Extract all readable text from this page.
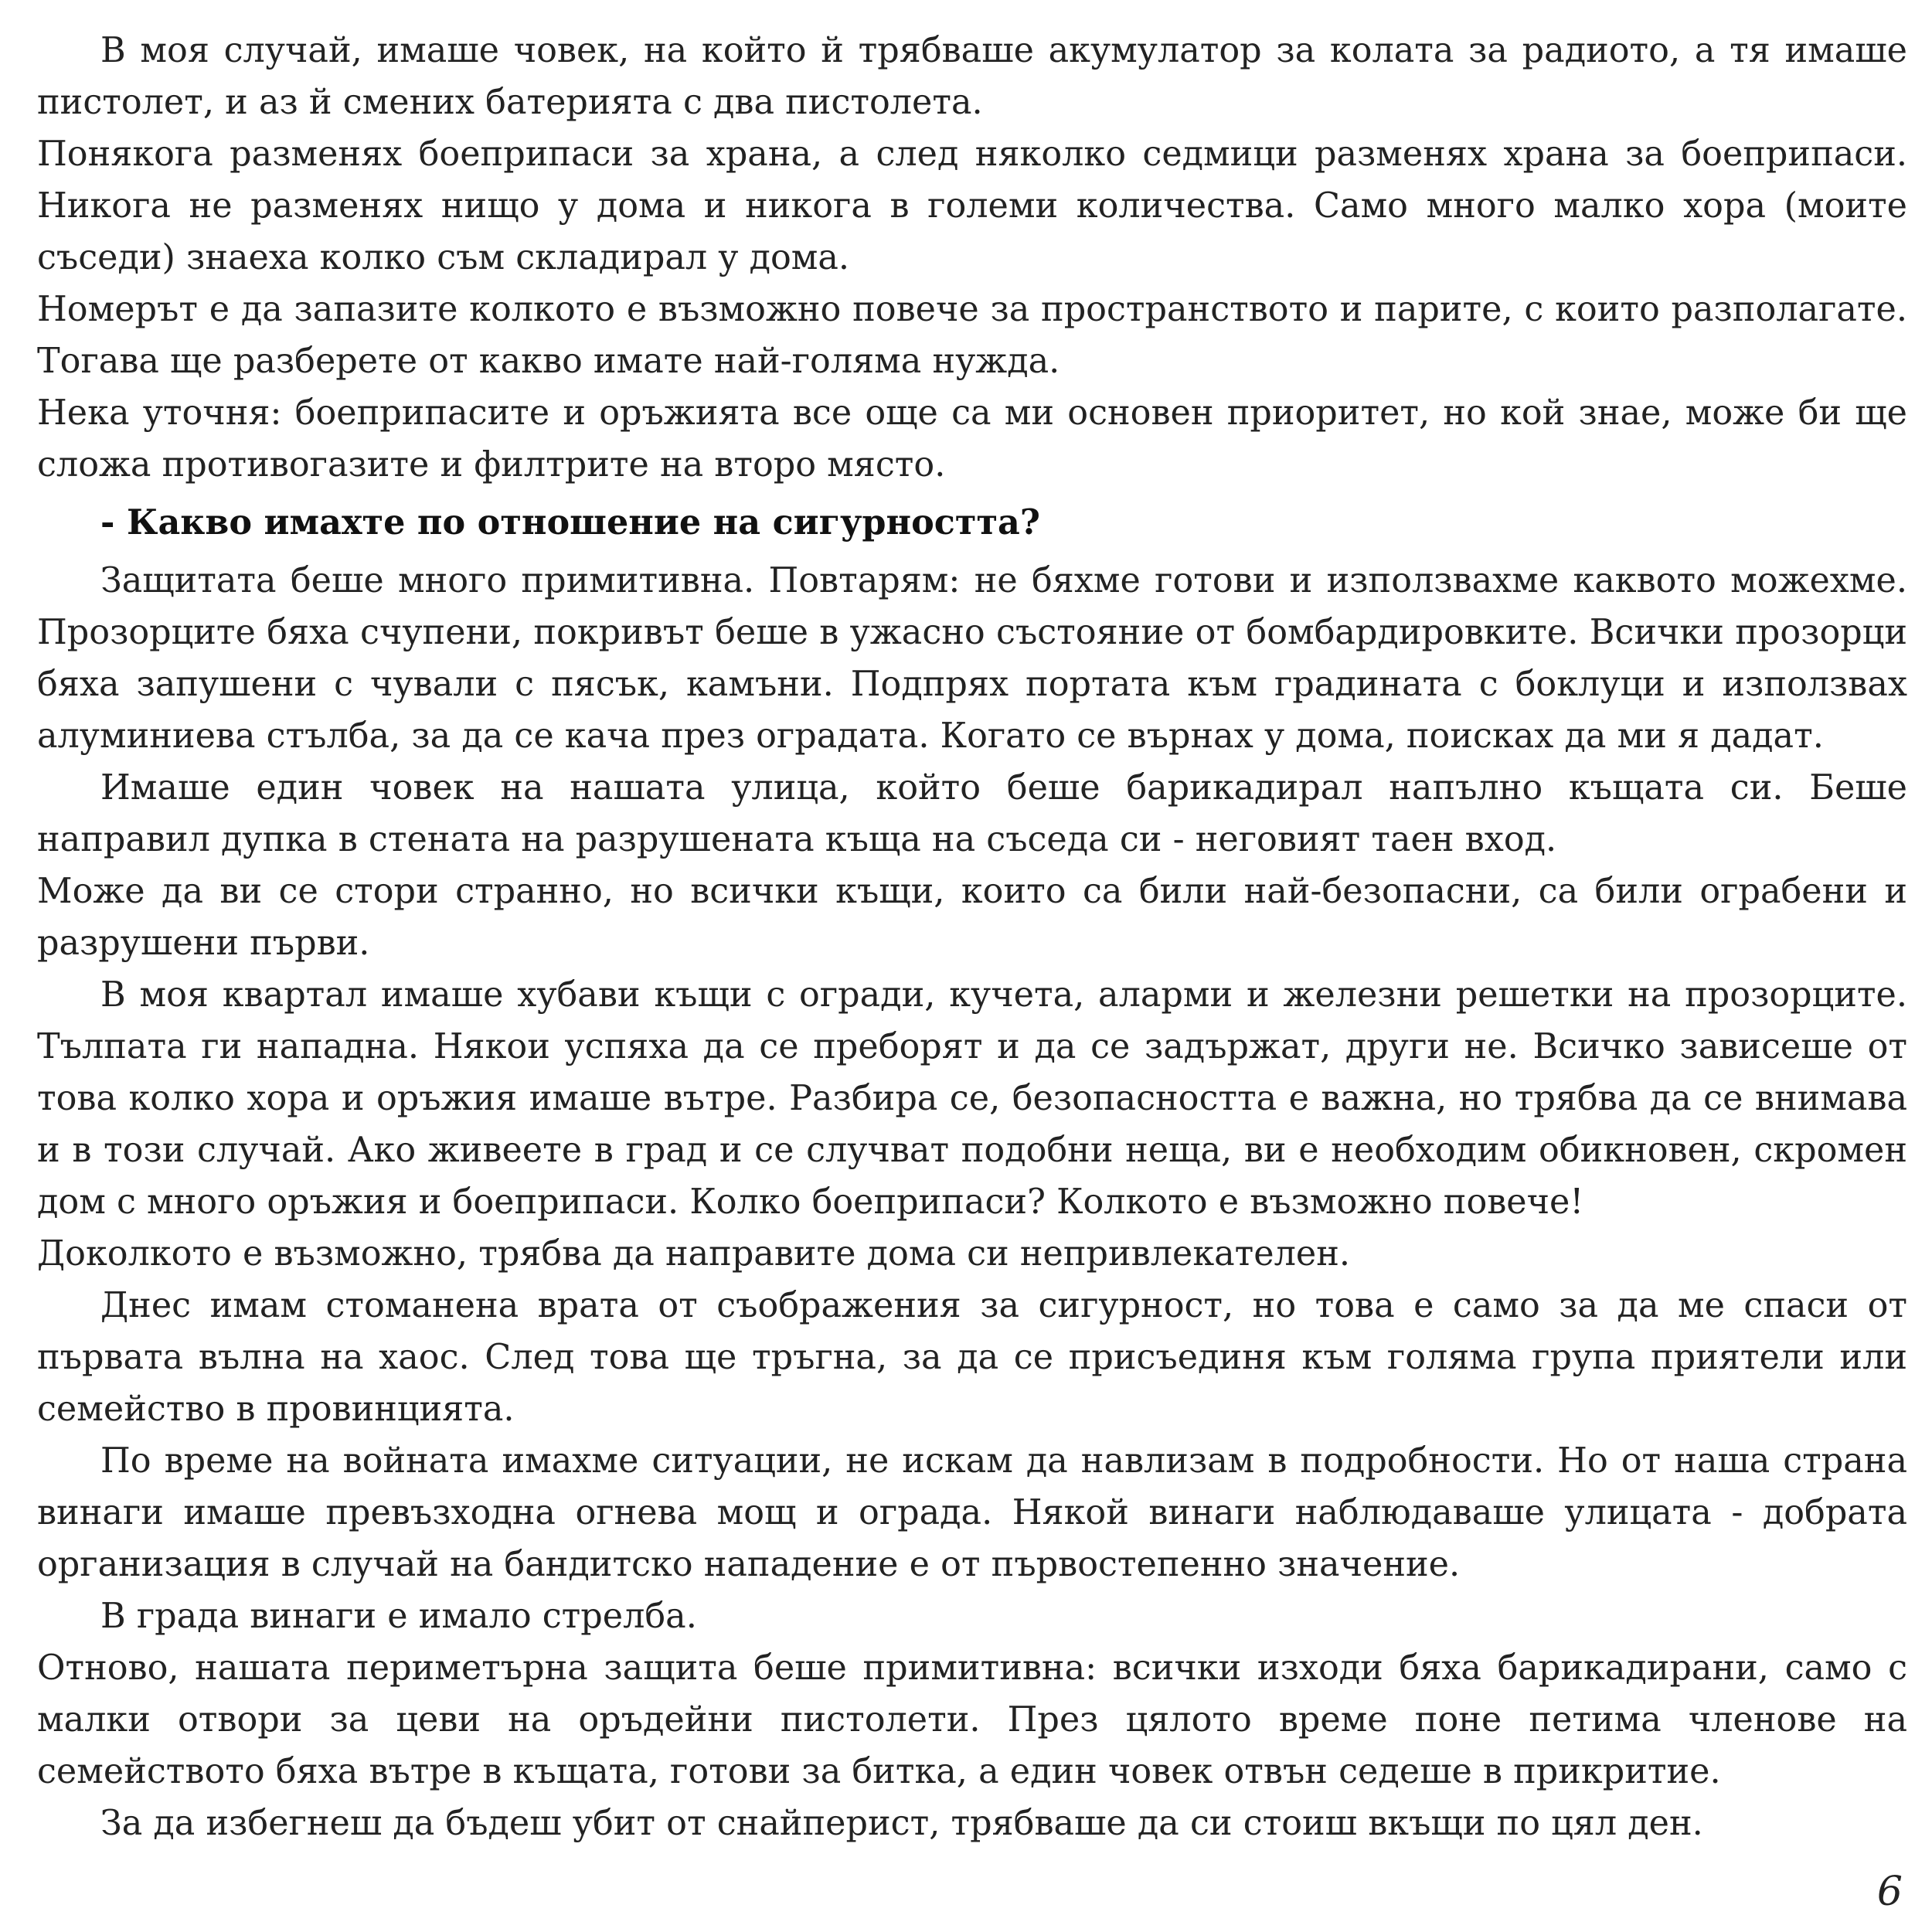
В моя случай, имаше човек, на който й трябваше акумулатор за колата за радиото, а тя имаше пистолет, и аз й смених батерията с два пистолета.

Понякога разменях боеприпаси за храна, а след няколко седмици разменях храна за боеприпаси. Никога не разменях нищо у дома и никога в големи количества. Само много малко хора (моите съседи) знаеха колко съм складирал у дома.

Номерът е да запазите колкото е възможно повече за пространството и парите, с които разполагате. Тогава ще разберете от какво имате най-голяма нужда.

Нека уточня: боеприпасите и оръжията все още са ми основен приоритет, но кой знае, може би ще сложа противогазите и филтрите на второ място.

- Какво имахте по отношение на сигурността?

Защитата беше много примитивна. Повтарям: не бяхме готови и използвахме каквото можехме. Прозорците бяха счупени, покривът беше в ужасно състояние от бомбардировките. Всички прозорци бяха запушени с чували с пясък, камъни. Подпрях портата към градината с боклуци и използвах алуминиева стълба, за да се кача през оградата. Когато се върнах у дома, поисках да ми я дадат.

Имаше един човек на нашата улица, който беше барикадирал напълно къщата си. Беше направил дупка в стената на разрушената къща на съседа си - неговият таен вход.

Може да ви се стори странно, но всички къщи, които са били най-безопасни, са били ограбени и разрушени първи.

В моя квартал имаше хубави къщи с огради, кучета, аларми и железни решетки на прозорците. Тълпата ги нападна. Някои успяха да се преборят и да се задържат, други не. Всичко зависеше от това колко хора и оръжия имаше вътре. Разбира се, безопасността е важна, но трябва да се внимава и в този случай. Ако живеете в град и се случват подобни неща, ви е необходим обикновен, скромен дом с много оръжия и боеприпаси. Колко боеприпаси? Колкото е възможно повече!

Доколкото е възможно, трябва да направите дома си непривлекателен.

Днес имам стоманена врата от съображения за сигурност, но това е само за да ме спаси от първата вълна на хаос. След това ще тръгна, за да се присъединя към голяма група приятели или семейство в провинцията.

По време на войната имахме ситуации, не искам да навлизам в подробности. Но от наша страна винаги имаше превъзходна огнева мощ и ограда. Някой винаги наблюдаваше улицата - добрата организация в случай на бандитско нападение е от първостепенно значение.

В града винаги е имало стрелба.

Отново, нашата периметърна защита беше примитивна: всички изходи бяха барикадирани, само с малки отвори за цеви на оръдейни пистолети. През цялото време поне петима членове на семейството бяха вътре в къщата, готови за битка, а един човек отвън седеше в прикритие.

За да избегнеш да бъдеш убит от снайперист, трябваше да си стоиш вкъщи по цял ден.

6
